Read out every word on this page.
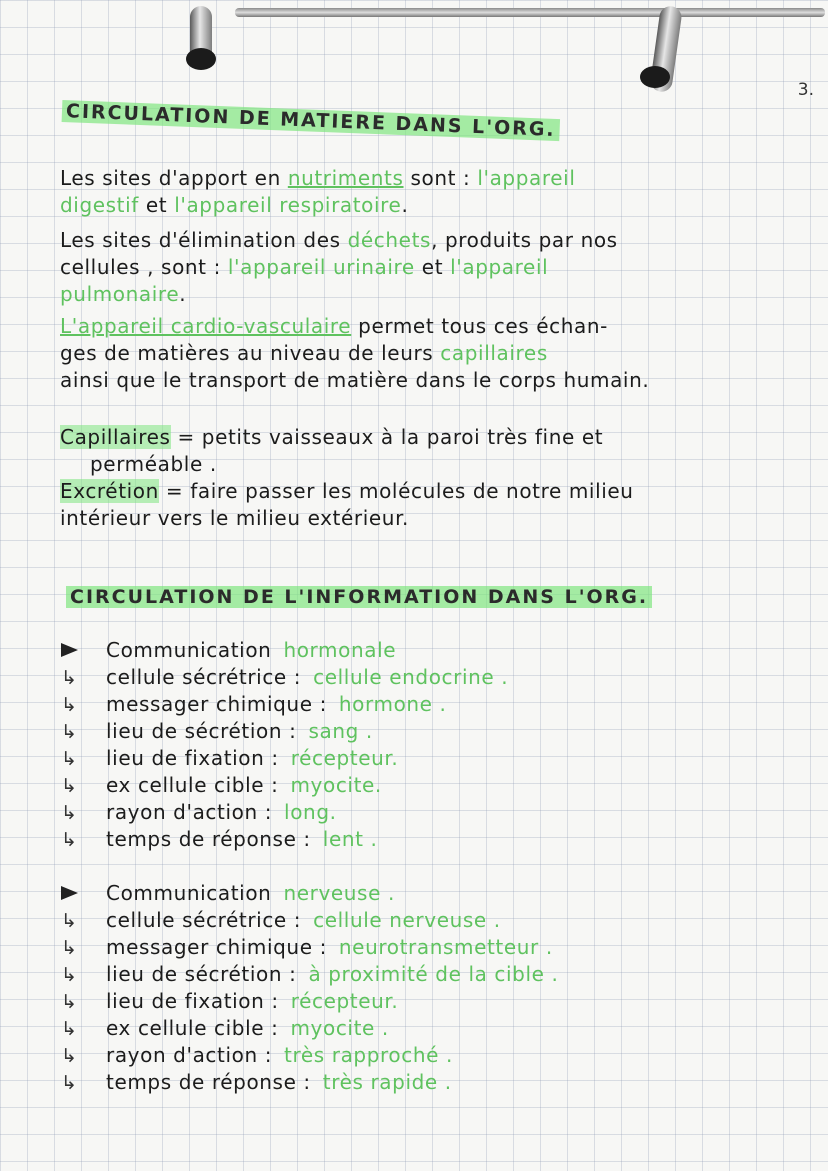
3.
CIRCULATION DE MATIERE DANS L'ORG.
Les sites d'apport en nutriments sont : l'appareil
digestif et l'appareil respiratoire.
Les sites d'élimination des déchets, produits par nos
cellules , sont : l'appareil urinaire et l'appareil
pulmonaire.
L'appareil cardio-vasculaire permet tous ces échan-
ges de matières au niveau de leurs capillaires
ainsi que le transport de matière dans le corps humain.
Capillaires = petits vaisseaux à la paroi très fine et
perméable .
Excrétion = faire passer les molécules de notre milieu
intérieur vers le milieu extérieur.
CIRCULATION DE L'INFORMATION DANS L'ORG.
Communication hormonale
↳	cellule sécrétrice : cellule endocrine .
↳	messager chimique : hormone .
↳	lieu de sécrétion : sang .
↳	lieu de fixation : récepteur.
↳	ex cellule cible : myocite.
↳	rayon d'action : long.
↳	temps de réponse : lent .
Communication nerveuse .
↳	cellule sécrétrice : cellule nerveuse .
↳	messager chimique : neurotransmetteur .
↳	lieu de sécrétion : à proximité de la cible .
↳	lieu de fixation : récepteur.
↳	ex cellule cible : myocite .
↳	rayon d'action : très rapproché .
↳	temps de réponse : très rapide .
